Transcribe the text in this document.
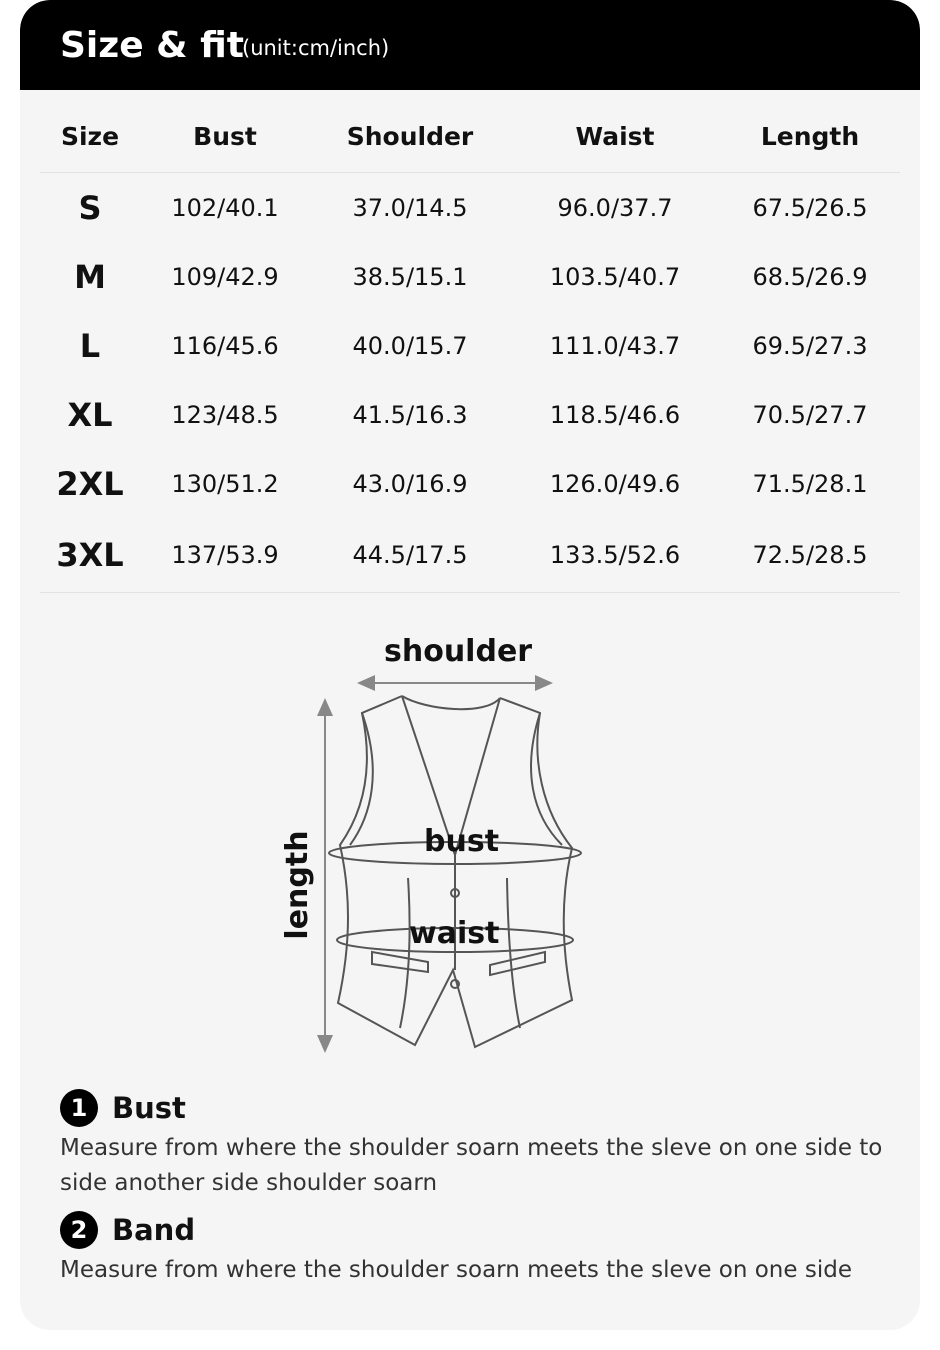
Size & fit
(unit:cm/inch)
Size	Bust	Shoulder	Waist	Length
S	102/40.1	37.0/14.5	96.0/37.7	67.5/26.5
M	109/42.9	38.5/15.1	103.5/40.7	68.5/26.9
L	116/45.6	40.0/15.7	111.0/43.7	69.5/27.3
XL	123/48.5	41.5/16.3	118.5/46.6	70.5/27.7
2XL	130/51.2	43.0/16.9	126.0/49.6	71.5/28.1
3XL	137/53.9	44.5/17.5	133.5/52.6	72.5/28.5
shoulder
bust
waist
length
1 Bust

Measure from where the shoulder soarn meets the sleve on one side to side another side shoulder soarn

2 Band

Measure from where the shoulder soarn meets the sleve on one side
